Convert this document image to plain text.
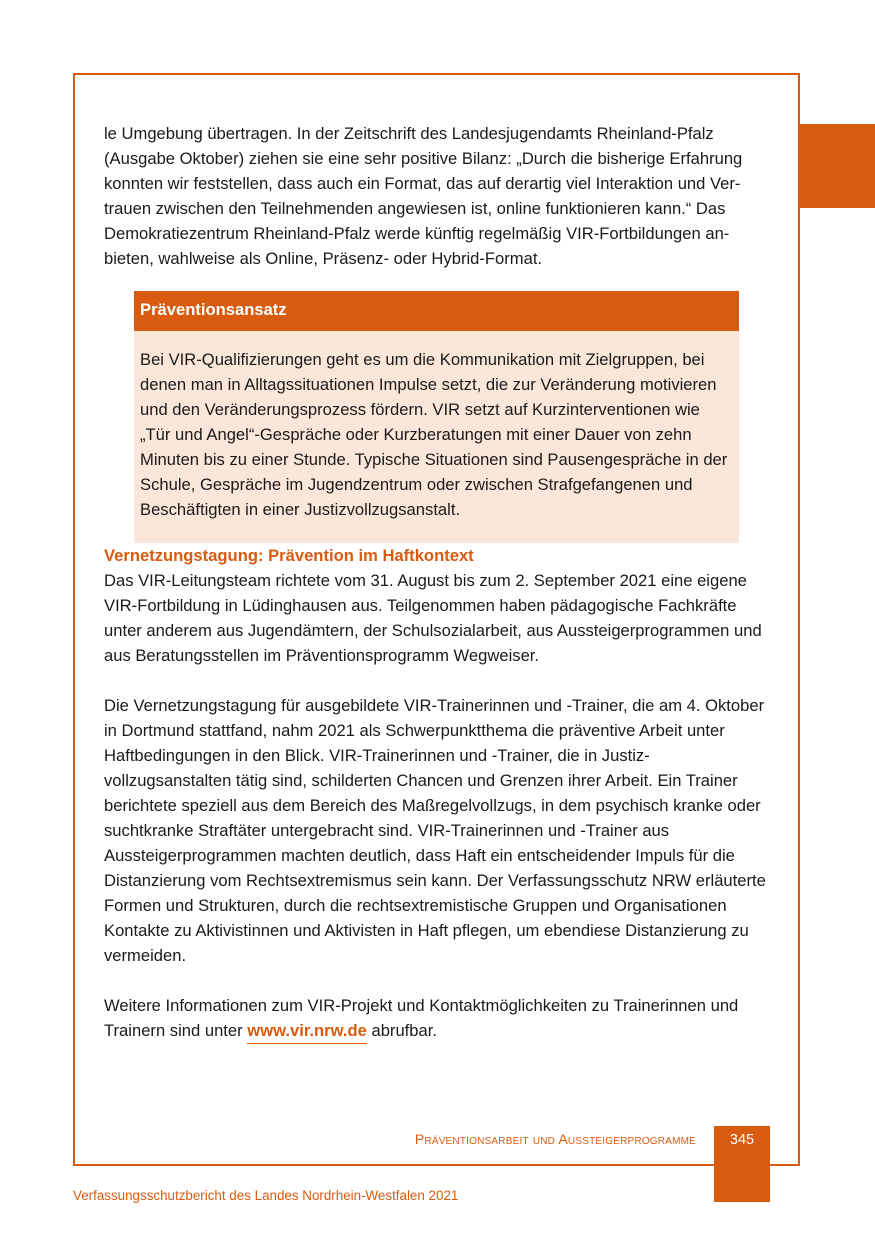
le Umgebung übertragen. In der Zeitschrift des Landesjugendamts Rheinland-Pfalz (Ausgabe Oktober) ziehen sie eine sehr positive Bilanz: „Durch die bisherige Erfahrung konnten wir feststellen, dass auch ein Format, das auf derartig viel Interaktion und Vertrauen zwischen den Teilnehmenden angewiesen ist, online funktionieren kann.“ Das Demokratiezentrum Rheinland-Pfalz werde künftig regelmäßig VIR-Fortbildungen anbieten, wahlweise als Online, Präsenz- oder Hybrid-Format.

Präventionsansatz
Bei VIR-Qualifizierungen geht es um die Kommunikation mit Zielgruppen, bei denen man in Alltagssituationen Impulse setzt, die zur Veränderung motivieren und den Veränderungsprozess fördern. VIR setzt auf Kurzinterventionen wie „Tür und Angel“-Gespräche oder Kurzberatungen mit einer Dauer von zehn Minuten bis zu einer Stunde. Typische Situationen sind Pausengespräche in der Schule, Gespräche im Jugendzentrum oder zwischen Strafgefangenen und Beschäftigten in einer Justizvollzugsanstalt.

Vernetzungstagung: Prävention im Haftkontext

Das VIR-Leitungsteam richtete vom 31. August bis zum 2. September 2021 eine eigene VIR-Fortbildung in Lüdinghausen aus. Teilgenommen haben pädagogische Fachkräfte unter anderem aus Jugendämtern, der Schulsozialarbeit, aus Aussteigerprogrammen und aus Beratungsstellen im Präventionsprogramm Wegweiser.

Die Vernetzungstagung für ausgebildete VIR-Trainerinnen und -Trainer, die am 4. Oktober in Dortmund stattfand, nahm 2021 als Schwerpunktthema die präventive Arbeit unter Haftbedingungen in den Blick. VIR-Trainerinnen und -Trainer, die in Justizvollzugsanstalten tätig sind, schilderten Chancen und Grenzen ihrer Arbeit. Ein Trainer berichtete speziell aus dem Bereich des Maßregelvollzugs, in dem psychisch kranke oder suchtkranke Straftäter untergebracht sind. VIR-Trainerinnen und -Trainer aus Aussteigerprogrammen machten deutlich, dass Haft ein entscheidender Impuls für die Distanzierung vom Rechtsextremismus sein kann. Der Verfassungsschutz NRW erläuterte Formen und Strukturen, durch die rechtsextremistische Gruppen und Organisationen Kontakte zu Aktivistinnen und Aktivisten in Haft pflegen, um ebendiese Distanzierung zu vermeiden.

Weitere Informationen zum VIR-Projekt und Kontaktmöglichkeiten zu Trainerinnen und Trainern sind unter www.vir.nrw.de abrufbar.

Präventionsarbeit und Aussteigerprogramme	345
Verfassungsschutzbericht des Landes Nordrhein-Westfalen 2021
